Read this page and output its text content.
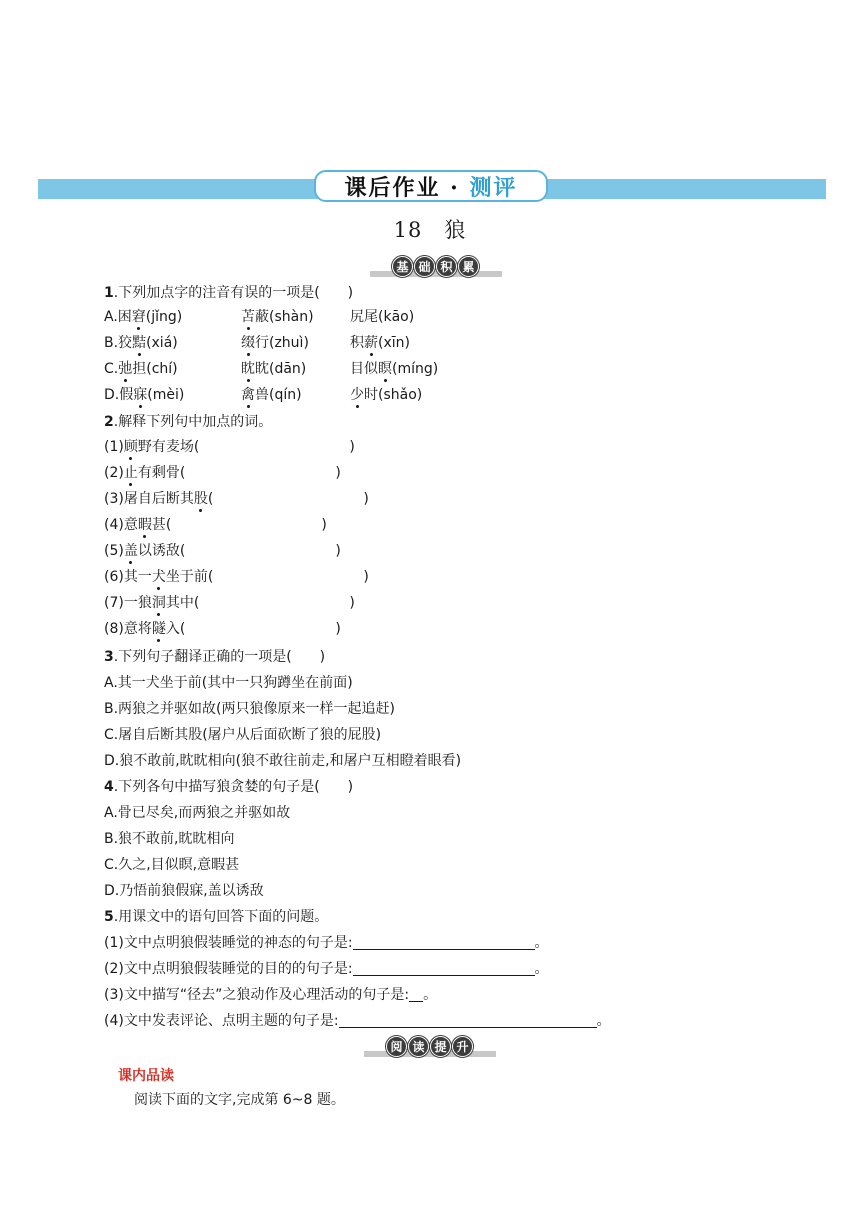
课后作业 · 测评
18 狼
基 础 积 累
1.下列加点字的注音有误的一项是(　　)
A.困窘(jǐng)	苫蔽(shàn)	尻尾(kāo)
B.狡黠(xiá)	缀行(zhuì)	积薪(xīn)
C.弛担(chí)	眈眈(dān)	目似瞑(míng)
D.假寐(mèi)	禽兽(qín)	少时(shǎo)
2.解释下列句中加点的词。
(1)顾野有麦场(	)
(2)止有剩骨(	)
(3)屠自后断其股(	)
(4)意暇甚(	)
(5)盖以诱敌(	)
(6)其一犬坐于前(	)
(7)一狼洞其中(	)
(8)意将隧入(	)
3.下列句子翻译正确的一项是(　　)
A.其一犬坐于前(其中一只狗蹲坐在前面)
B.两狼之并驱如故(两只狼像原来一样一起追赶)
C.屠自后断其股(屠户从后面砍断了狼的屁股)
D.狼不敢前,眈眈相向(狼不敢往前走,和屠户互相瞪着眼看)
4.下列各句中描写狼贪婪的句子是(　　)
A.骨已尽矣,而两狼之并驱如故
B.狼不敢前,眈眈相向
C.久之,目似瞑,意暇甚
D.乃悟前狼假寐,盖以诱敌
5.用课文中的语句回答下面的问题。
(1)文中点明狼假装睡觉的神态的句子是:	。
(2)文中点明狼假装睡觉的目的的句子是:	。
(3)文中描写“径去”之狼动作及心理活动的句子是: 。
(4)文中发表评论、点明主题的句子是:	。
阅 读 提 升
课内品读
阅读下面的文字,完成第 6~8 题。
